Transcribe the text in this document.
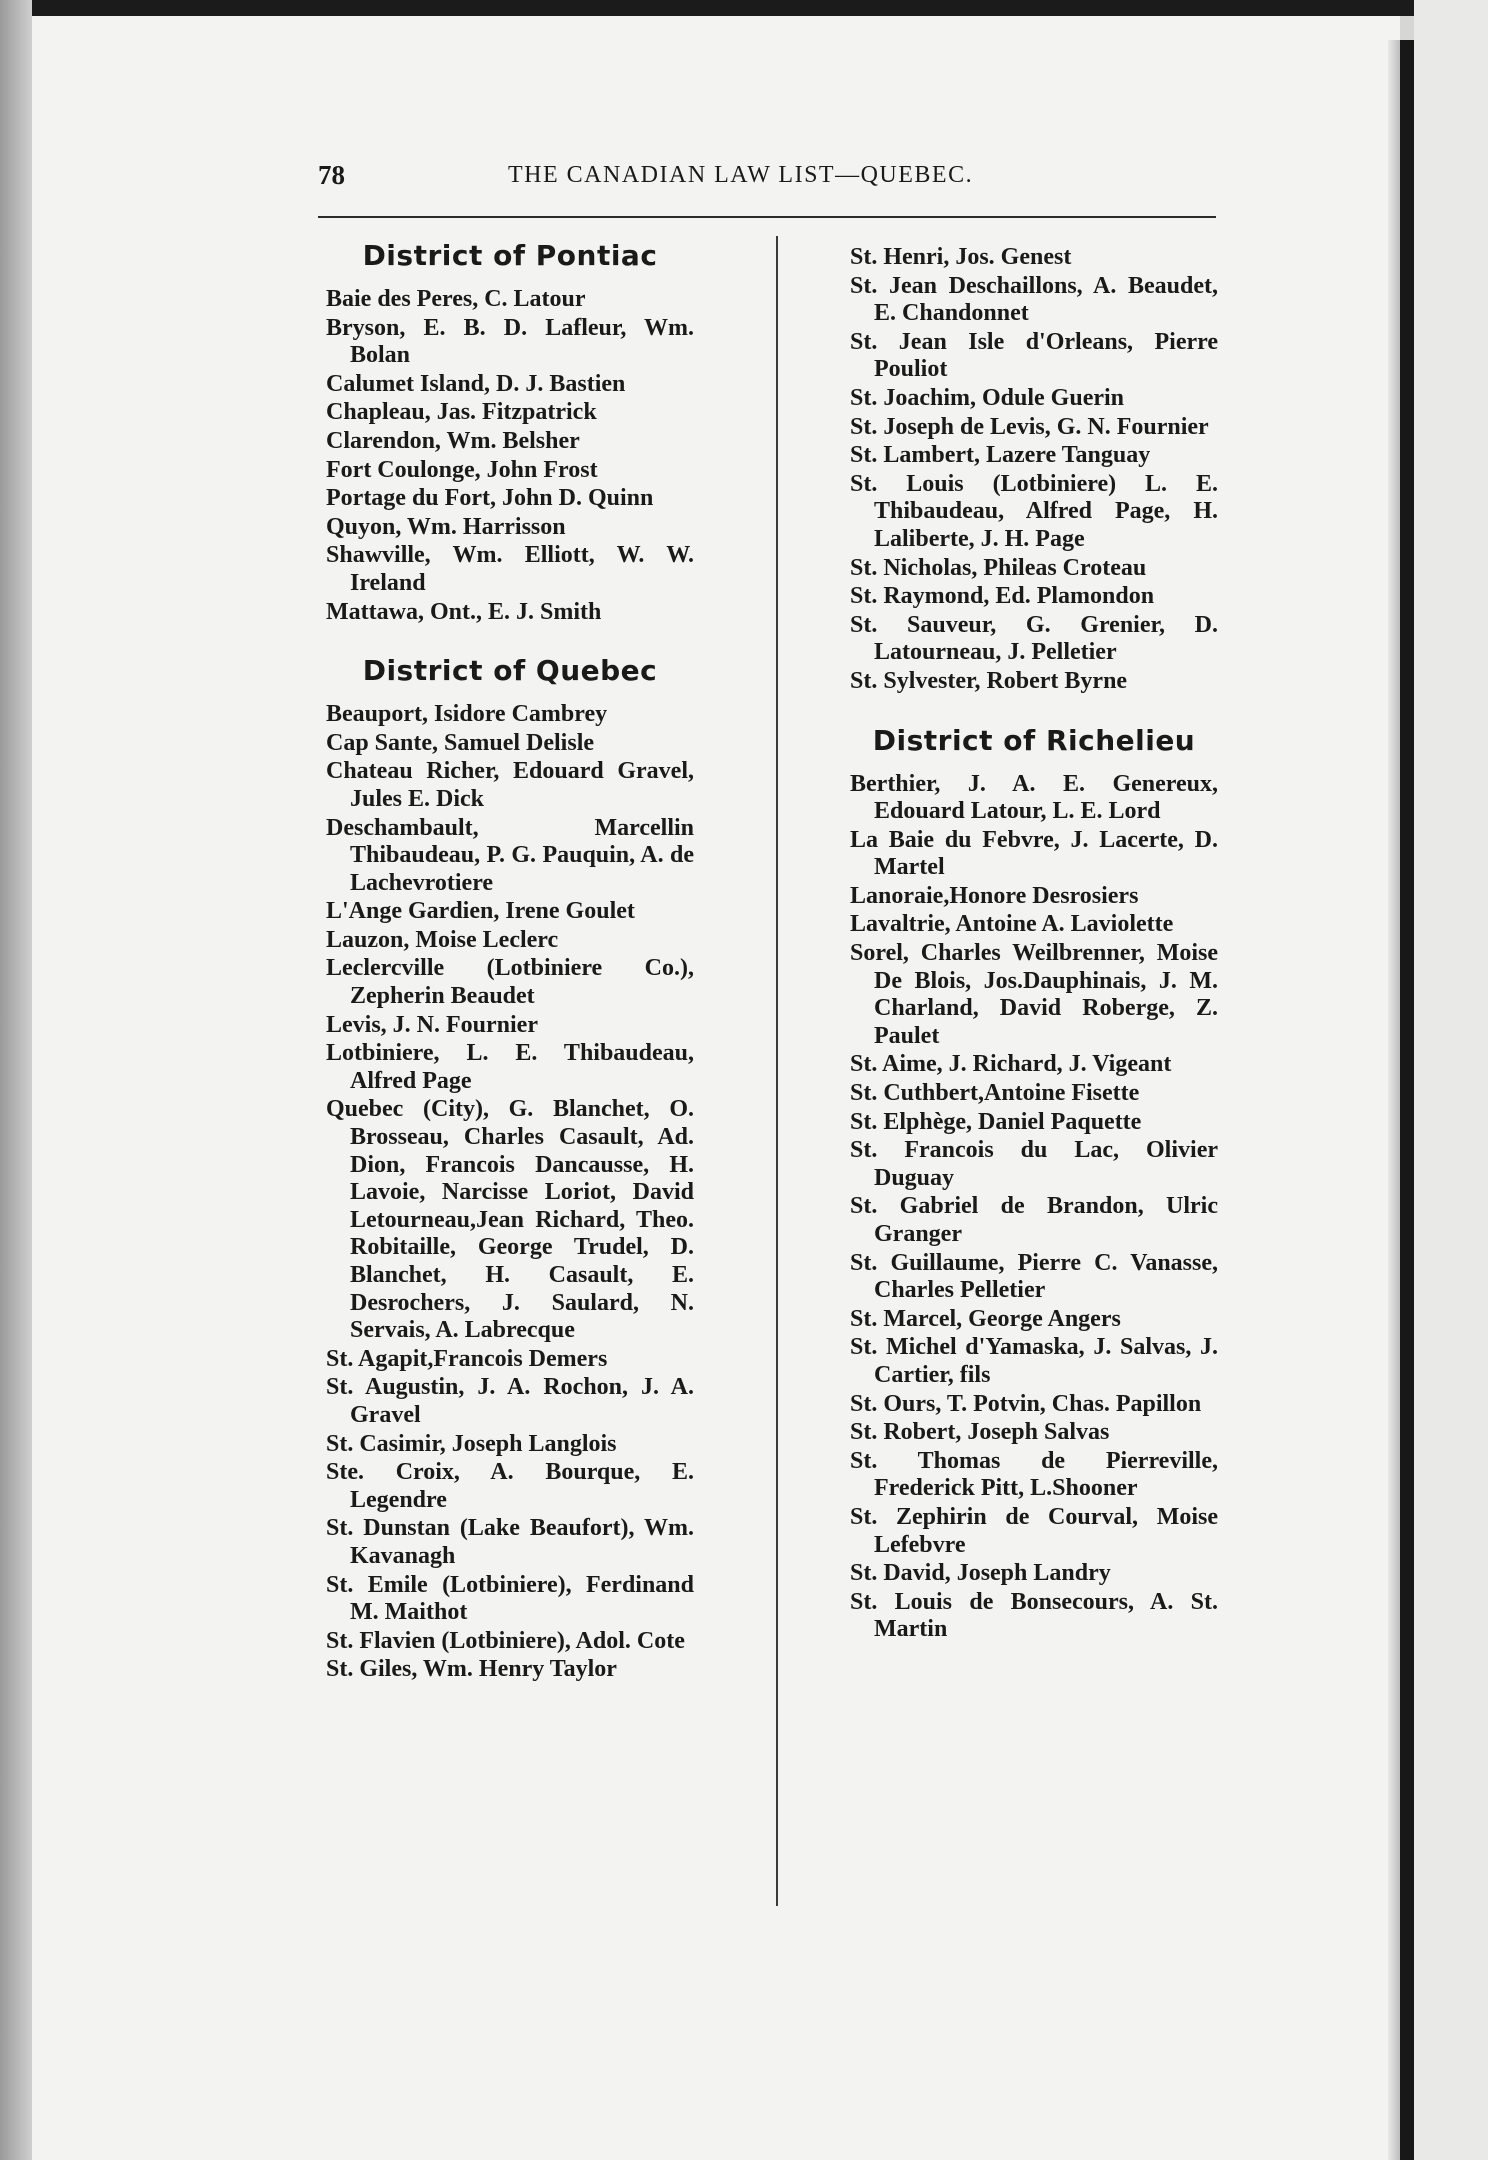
78	THE CANADIAN LAW LIST—QUEBEC.
District of Pontiac
Baie des Peres, C. Latour
Bryson, E. B. D. Lafleur, Wm. Bolan
Calumet Island, D. J. Bastien
Chapleau, Jas. Fitzpatrick
Clarendon, Wm. Belsher
Fort Coulonge, John Frost
Portage du Fort, John D. Quinn
Quyon, Wm. Harrisson
Shawville, Wm. Elliott, W. W. Ireland
Mattawa, Ont., E. J. Smith
District of Quebec
Beauport, Isidore Cambrey
Cap Sante, Samuel Delisle
Chateau Richer, Edouard Gravel, Jules E. Dick
Deschambault, Marcellin Thibaudeau, P. G. Pauquin, A. de Lachevrotiere
L'Ange Gardien, Irene Goulet
Lauzon, Moise Leclerc
Leclercville (Lotbiniere Co.), Zepherin Beaudet
Levis, J. N. Fournier
Lotbiniere, L. E. Thibaudeau, Alfred Page
Quebec (City), G. Blanchet, O. Brosseau, Charles Casault, Ad. Dion, Francois Dancausse, H. Lavoie, Narcisse Loriot, David Letourneau,Jean Richard, Theo. Robitaille, George Trudel, D. Blanchet, H. Casault, E. Desrochers, J. Saulard, N. Servais, A. Labrecque
St. Agapit,Francois Demers
St. Augustin, J. A. Rochon, J. A. Gravel
St. Casimir, Joseph Langlois
Ste. Croix, A. Bourque, E. Legendre
St. Dunstan (Lake Beaufort), Wm. Kavanagh
St. Emile (Lotbiniere), Ferdinand M. Maithot
St. Flavien (Lotbiniere), Adol. Cote
St. Giles, Wm. Henry Taylor
St. Henri, Jos. Genest
St. Jean Deschaillons, A. Beaudet, E. Chandonnet
St. Jean Isle d'Orleans, Pierre Pouliot
St. Joachim, Odule Guerin
St. Joseph de Levis, G. N. Fournier
St. Lambert, Lazere Tanguay
St. Louis (Lotbiniere) L. E. Thibaudeau, Alfred Page, H. Laliberte, J. H. Page
St. Nicholas, Phileas Croteau
St. Raymond, Ed. Plamondon
St. Sauveur, G. Grenier, D. Latourneau, J. Pelletier
St. Sylvester, Robert Byrne
District of Richelieu
Berthier, J. A. E. Genereux, Edouard Latour, L. E. Lord
La Baie du Febvre, J. Lacerte, D. Martel
Lanoraie,Honore Desrosiers
Lavaltrie, Antoine A. Laviolette
Sorel, Charles Weilbrenner, Moise De Blois, Jos.Dauphinais, J. M. Charland, David Roberge, Z. Paulet
St. Aime, J. Richard, J. Vigeant
St. Cuthbert,Antoine Fisette
St. Elphège, Daniel Paquette
St. Francois du Lac, Olivier Duguay
St. Gabriel de Brandon, Ulric Granger
St. Guillaume, Pierre C. Vanasse, Charles Pelletier
St. Marcel, George Angers
St. Michel d'Yamaska, J. Salvas, J. Cartier, fils
St. Ours, T. Potvin, Chas. Papillon
St. Robert, Joseph Salvas
St. Thomas de Pierreville, Frederick Pitt, L.Shooner
St. Zephirin de Courval, Moise Lefebvre
St. David, Joseph Landry
St. Louis de Bonsecours, A. St. Martin
